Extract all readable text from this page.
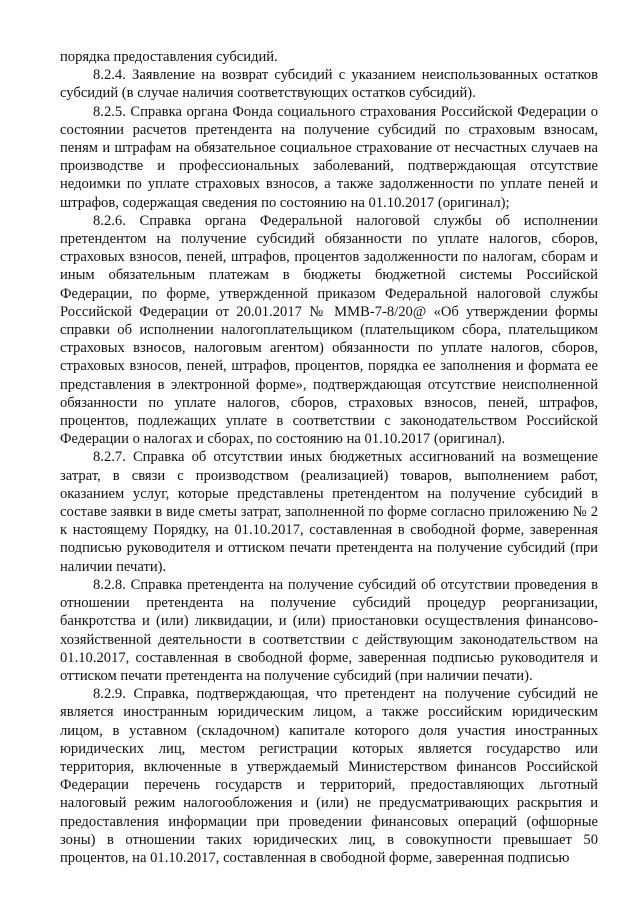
порядка предоставления субсидий.

8.2.4. Заявление на возврат субсидий с указанием неиспользованных остатков субсидий (в случае наличия соответствующих остатков субсидий).

8.2.5. Справка органа Фонда социального страхования Российской Федерации о состоянии расчетов претендента на получение субсидий по страховым взносам, пеням и штрафам на обязательное социальное страхование от несчастных случаев на производстве и профессиональных заболеваний, подтверждающая отсутствие недоимки по уплате страховых взносов, а также задолженности по уплате пеней и штрафов, содержащая сведения по состоянию на 01.10.2017 (оригинал);

8.2.6. Справка органа Федеральной налоговой службы об исполнении претендентом на получение субсидий обязанности по уплате налогов, сборов, страховых взносов, пеней, штрафов, процентов задолженности по налогам, сборам и иным обязательным платежам в бюджеты бюджетной системы Российской Федерации, по форме, утвержденной приказом Федеральной налоговой службы Российской Федерации от 20.01.2017 № ММВ-7-8/20@ «Об утверждении формы справки об исполнении налогоплательщиком (плательщиком сбора, плательщиком страховых взносов, налоговым агентом) обязанности по уплате налогов, сборов, страховых взносов, пеней, штрафов, процентов, порядка ее заполнения и формата ее представления в электронной форме», подтверждающая отсутствие неисполненной обязанности по уплате налогов, сборов, страховых взносов, пеней, штрафов, процентов, подлежащих уплате в соответствии с законодательством Российской Федерации о налогах и сборах, по состоянию на 01.10.2017 (оригинал).

8.2.7. Справка об отсутствии иных бюджетных ассигнований на возмещение затрат, в связи с производством (реализацией) товаров, выполнением работ, оказанием услуг, которые представлены претендентом на получение субсидий в составе заявки в виде сметы затрат, заполненной по форме согласно приложению № 2 к настоящему Порядку, на 01.10.2017, составленная в свободной форме, заверенная подписью руководителя и оттиском печати претендента на получение субсидий (при наличии печати).

8.2.8. Справка претендента на получение субсидий об отсутствии проведения в отношении претендента на получение субсидий процедур реорганизации, банкротства и (или) ликвидации, и (или) приостановки осуществления финансово-хозяйственной деятельности в соответствии с действующим законодательством на 01.10.2017, составленная в свободной форме, заверенная подписью руководителя и оттиском печати претендента на получение субсидий (при наличии печати).

8.2.9. Справка, подтверждающая, что претендент на получение субсидий не является иностранным юридическим лицом, а также российским юридическим лицом, в уставном (складочном) капитале которого доля участия иностранных юридических лиц, местом регистрации которых является государство или территория, включенные в утверждаемый Министерством финансов Российской Федерации перечень государств и территорий, предоставляющих льготный налоговый режим налогообложения и (или) не предусматривающих раскрытия и предоставления информации при проведении финансовых операций (офшорные зоны) в отношении таких юридических лиц, в совокупности превышает 50 процентов, на 01.10.2017, составленная в свободной форме, заверенная подписью
